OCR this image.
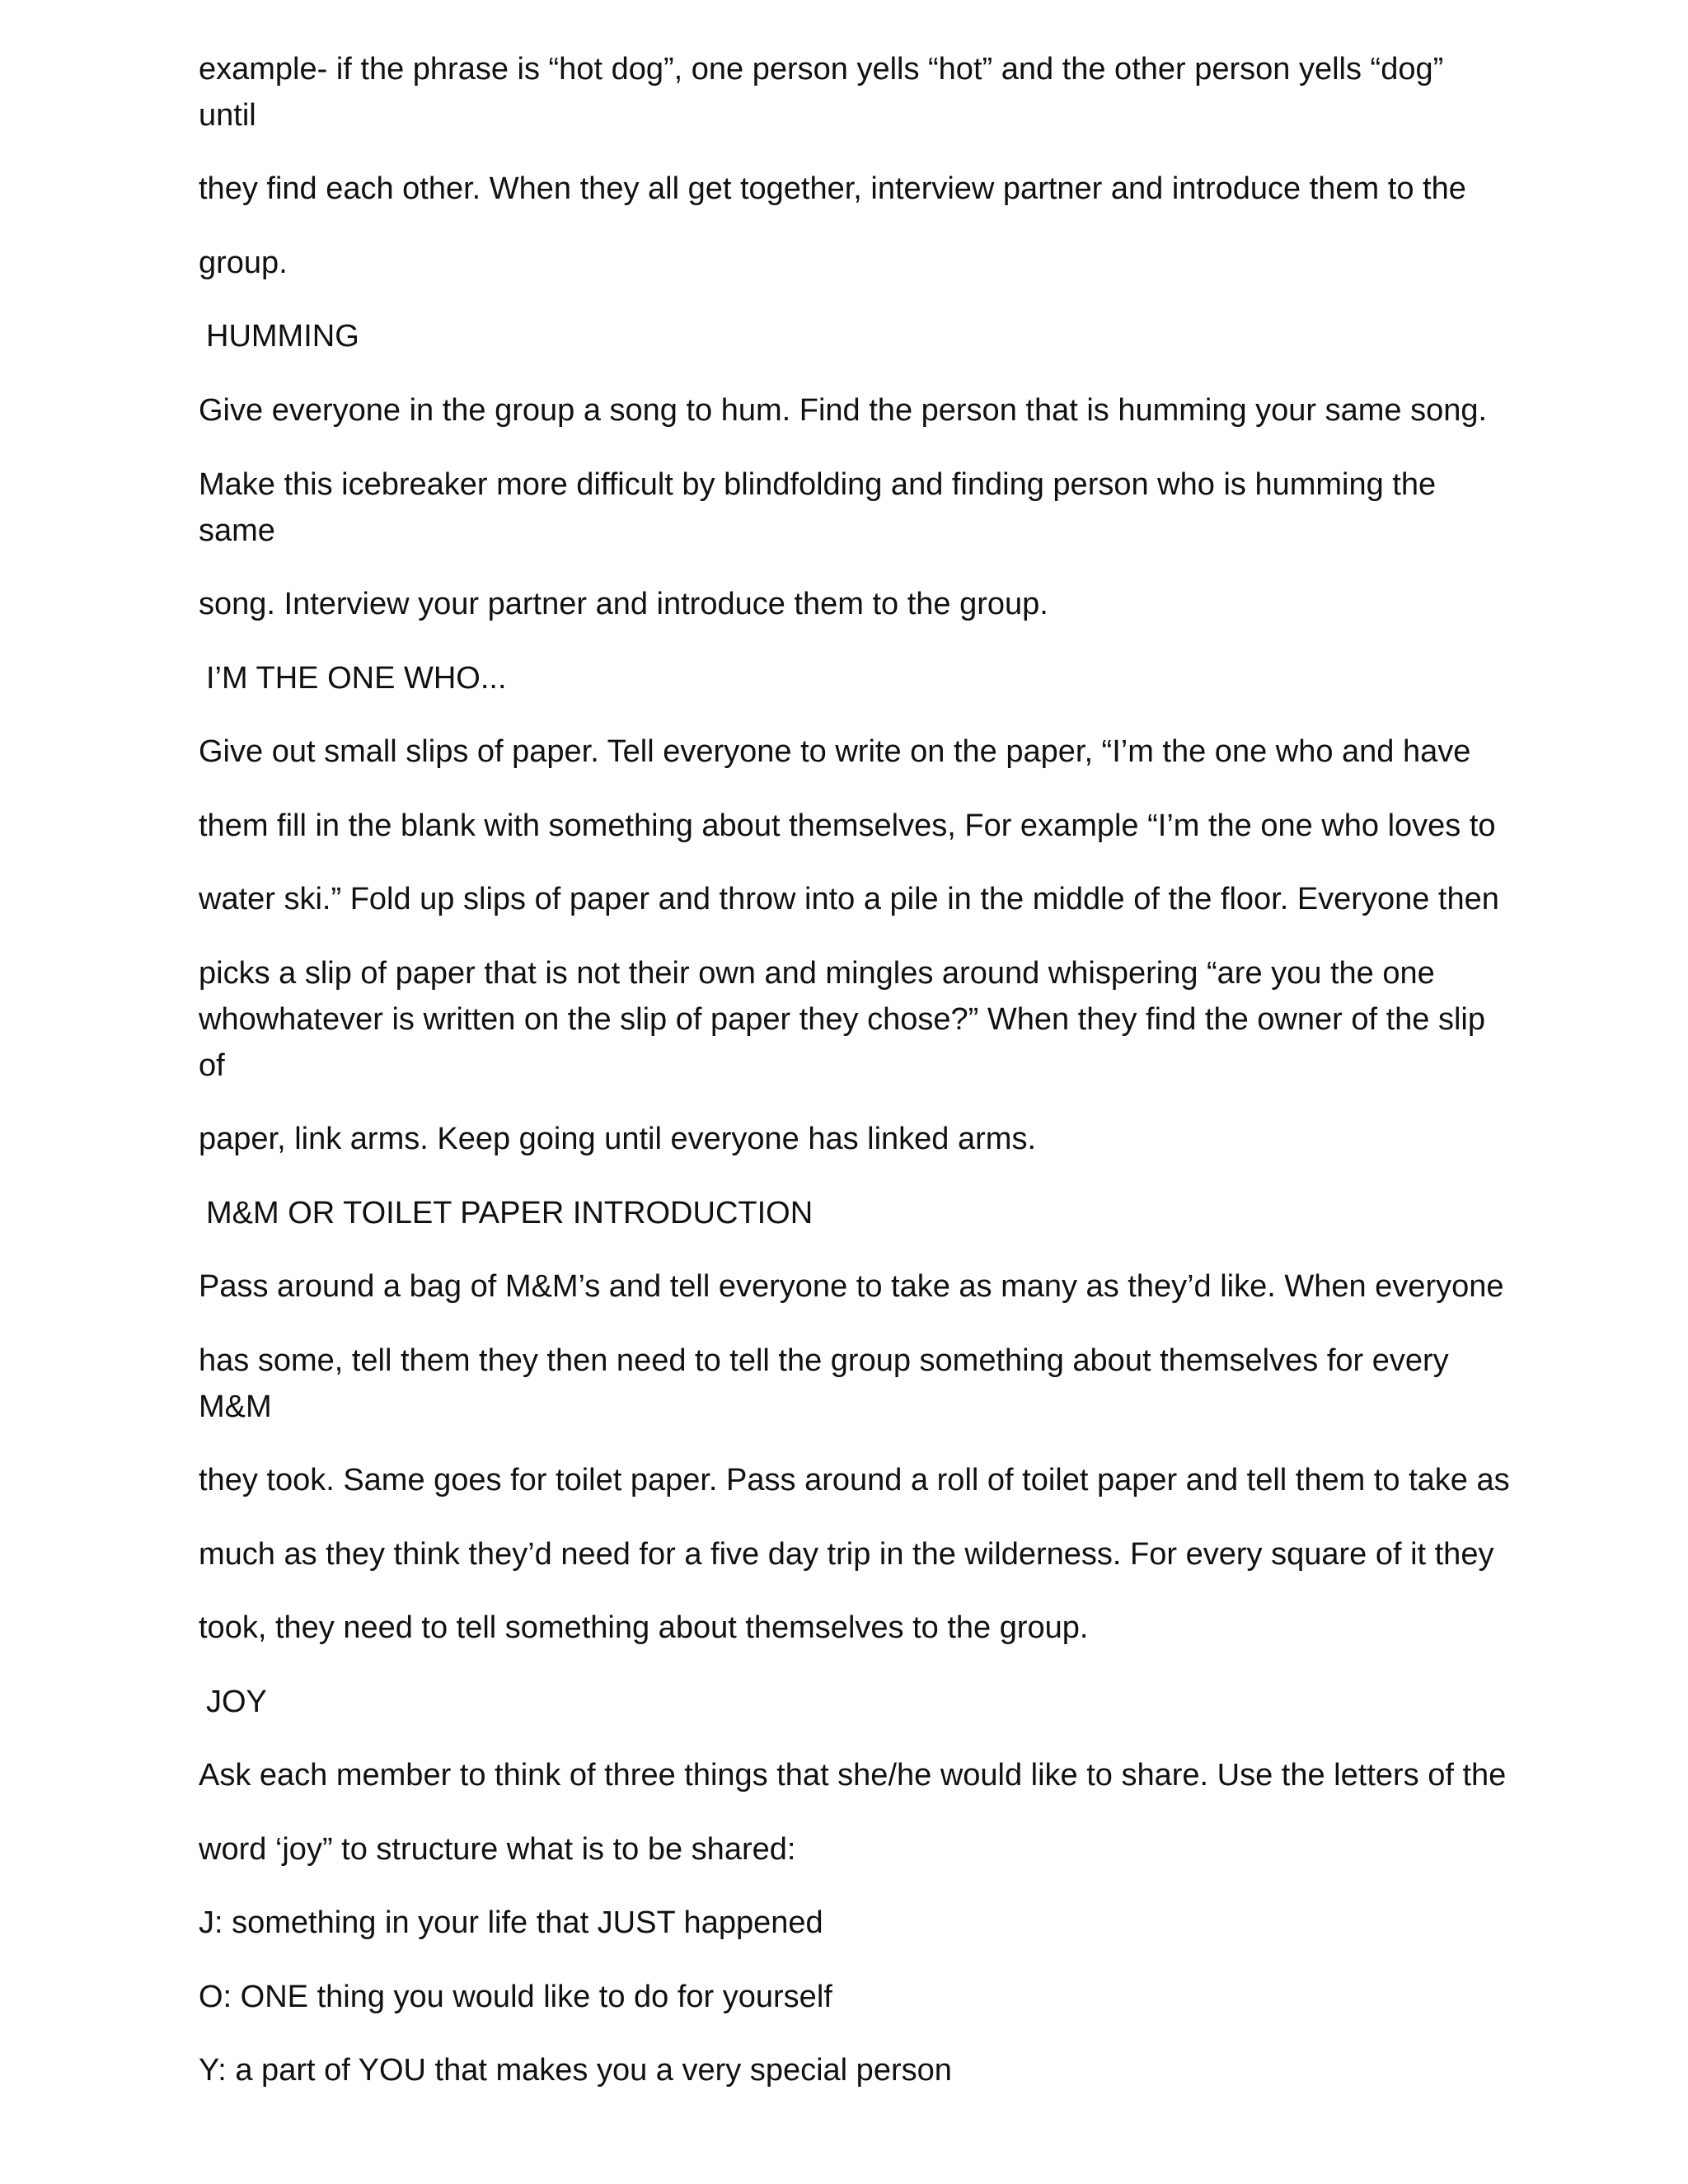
example- if the phrase is “hot dog”, one person yells “hot” and the other person yells “dog”

until

they find each other. When they all get together, interview partner and introduce them to the

group.

HUMMING

Give everyone in the group a song to hum. Find the person that is humming your same song.

Make this icebreaker more difficult by blindfolding and finding person who is humming the

same

song. Interview your partner and introduce them to the group.

I’M THE ONE WHO...

Give out small slips of paper. Tell everyone to write on the paper, “I’m the one who and have

them fill in the blank with something about themselves, For example “I’m the one who loves to

water ski.” Fold up slips of paper and throw into a pile in the middle of the floor. Everyone then

picks a slip of paper that is not their own and mingles around whispering “are you the one

whowhatever is written on the slip of paper they chose?” When they find the owner of the slip

of

paper, link arms. Keep going until everyone has linked arms.

M&M OR TOILET PAPER INTRODUCTION

Pass around a bag of M&M’s and tell everyone to take as many as they’d like. When everyone

has some, tell them they then need to tell the group something about themselves for every

M&M

they took. Same goes for toilet paper. Pass around a roll of toilet paper and tell them to take as

much as they think they’d need for a five day trip in the wilderness. For every square of it they

took, they need to tell something about themselves to the group.

JOY

Ask each member to think of three things that she/he would like to share. Use the letters of the

word ‘joy” to structure what is to be shared:

J: something in your life that JUST happened

O: ONE thing you would like to do for yourself

Y: a part of YOU that makes you a very special person
